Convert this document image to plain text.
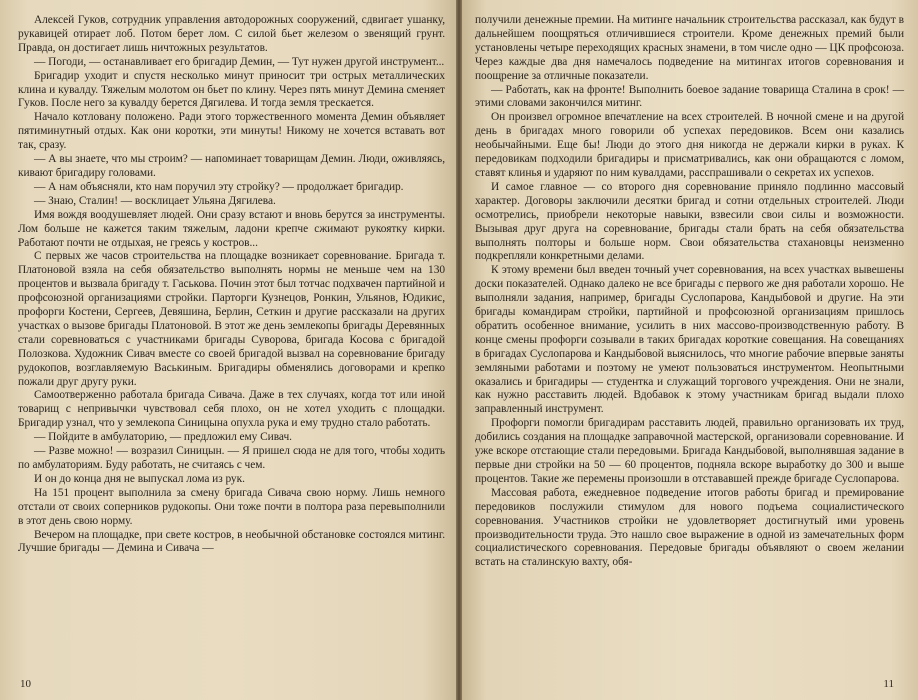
Алексей Гуков, сотрудник управления автодорожных сооружений, сдвигает ушанку, рукавицей отирает лоб. Потом берет лом. С силой бьет железом о звенящий грунт. Правда, он достигает лишь ничтожных результатов.

— Погоди, — останавливает его бригадир Демин, — Тут нужен другой инструмент...

Бригадир уходит и спустя несколько минут приносит три острых металлических клина и кувалду. Тяжелым молотом он бьет по клину. Через пять минут Демина сменяет Гуков. После него за кувалду берется Дягилева. И тогда земля трескается.

Начало котловану положено. Ради этого торжественного момента Демин объявляет пятиминутный отдых. Как они коротки, эти минуты! Никому не хочется вставать вот так, сразу.

— А вы знаете, что мы строим? — напоминает товарищам Демин. Люди, оживляясь, кивают бригадиру головами.

— А нам объясняли, кто нам поручил эту стройку? — продолжает бригадир.

— Знаю, Сталин! — восклицает Ульяна Дягилева.

Имя вождя воодушевляет людей. Они сразу встают и вновь берутся за инструменты. Лом больше не кажется таким тяжелым, ладони крепче сжимают рукоятку кирки. Работают почти не отдыхая, не греясь у костров...

С первых же часов строительства на площадке возникает соревнование. Бригада т. Платоновой взяла на себя обязательство выполнять нормы не меньше чем на 130 процентов и вызвала бригаду т. Гаськова. Почин этот был тотчас подхвачен партийной и профсоюзной организациями стройки. Парторги Кузнецов, Ронкин, Ульянов, Юдикис, профорги Костени, Сергеев, Девяшина, Берлин, Сеткин и другие рассказали на других участках о вызове бригады Платоновой. В этот же день землекопы бригады Деревянных стали соревноваться с участниками бригады Суворова, бригада Косова с бригадой Полозкова. Художник Сивач вместе со своей бригадой вызвал на соревнование бригаду рудокопов, возглавляемую Васькиным. Бригадиры обменялись договорами и крепко пожали друг другу руки.

Самоотверженно работала бригада Сивача. Даже в тех случаях, когда тот или иной товарищ с непривычки чувствовал себя плохо, он не хотел уходить с площадки. Бригадир узнал, что у землекопа Синицына опухла рука и ему трудно стало работать.

— Пойдите в амбулаторию, — предложил ему Сивач.

— Разве можно! — возразил Синицын. — Я пришел сюда не для того, чтобы ходить по амбулаториям. Буду работать, не считаясь с чем.

И он до конца дня не выпускал лома из рук.

На 151 процент выполнила за смену бригада Сивача свою норму. Лишь немного отстали от своих соперников рудокопы. Они тоже почти в полтора раза перевыполнили в этот день свою норму.

Вечером на площадке, при свете костров, в необычной обстановке состоялся митинг. Лучшие бригады — Демина и Сивача —

10

получили денежные премии. На митинге начальник строительства рассказал, как будут в дальнейшем поощряться отличившиеся строители. Кроме денежных премий были установлены четыре переходящих красных знамени, в том числе одно — ЦК профсоюза. Через каждые два дня намечалось подведение на митингах итогов соревнования и поощрение за отличные показатели.

— Работать, как на фронте! Выполнить боевое задание товарища Сталина в срок! — этими словами закончился митинг.

Он произвел огромное впечатление на всех строителей. В ночной смене и на другой день в бригадах много говорили об успехах передовиков. Всем они казались необычайными. Еще бы! Люди до этого дня никогда не держали кирки в руках. К передовикам подходили бригадиры и присматривались, как они обращаются с ломом, ставят клинья и ударяют по ним кувалдами, расспрашивали о секретах их успехов.

И самое главное — со второго дня соревнование приняло подлинно массовый характер. Договоры заключили десятки бригад и сотни отдельных строителей. Люди осмотрелись, приобрели некоторые навыки, взвесили свои силы и возможности. Вызывая друг друга на соревнование, бригады стали брать на себя обязательства выполнять полторы и больше норм. Свои обязательства стахановцы неизменно подкрепляли конкретными делами.

К этому времени был введен точный учет соревнования, на всех участках вывешены доски показателей. Однако далеко не все бригады с первого же дня работали хорошо. Не выполняли задания, например, бригады Суслопарова, Кандыбовой и другие. На эти бригады командирам стройки, партийной и профсоюзной организациям пришлось обратить особенное внимание, усилить в них массово-производственную работу. В конце смены профорги созывали в таких бригадах короткие совещания. На совещаниях в бригадах Суслопарова и Кандыбовой выяснилось, что многие рабочие впервые заняты земляными работами и поэтому не умеют пользоваться инструментом. Неопытными оказались и бригадиры — студентка и служащий торгового учреждения. Они не знали, как нужно расставить людей. Вдобавок к этому участникам бригад выдали плохо заправленный инструмент.

Профорги помогли бригадирам расставить людей, правильно организовать их труд, добились создания на площадке заправочной мастерской, организовали соревнование. И уже вскоре отстающие стали передовыми. Бригада Кандыбовой, выполнявшая задание в первые дни стройки на 50 — 60 процентов, подняла вскоре выработку до 300 и выше процентов. Такие же перемены произошли в отстававшей прежде бригаде Суслопарова.

Массовая работа, ежедневное подведение итогов работы бригад и премирование передовиков послужили стимулом для нового подъема социалистического соревнования. Участников стройки не удовлетворяет достигнутый ими уровень производительности труда. Это нашло свое выражение в одной из замечательных форм социалистического соревнования. Передовые бригады объявляют о своем желании встать на сталинскую вахту, обя-

11
